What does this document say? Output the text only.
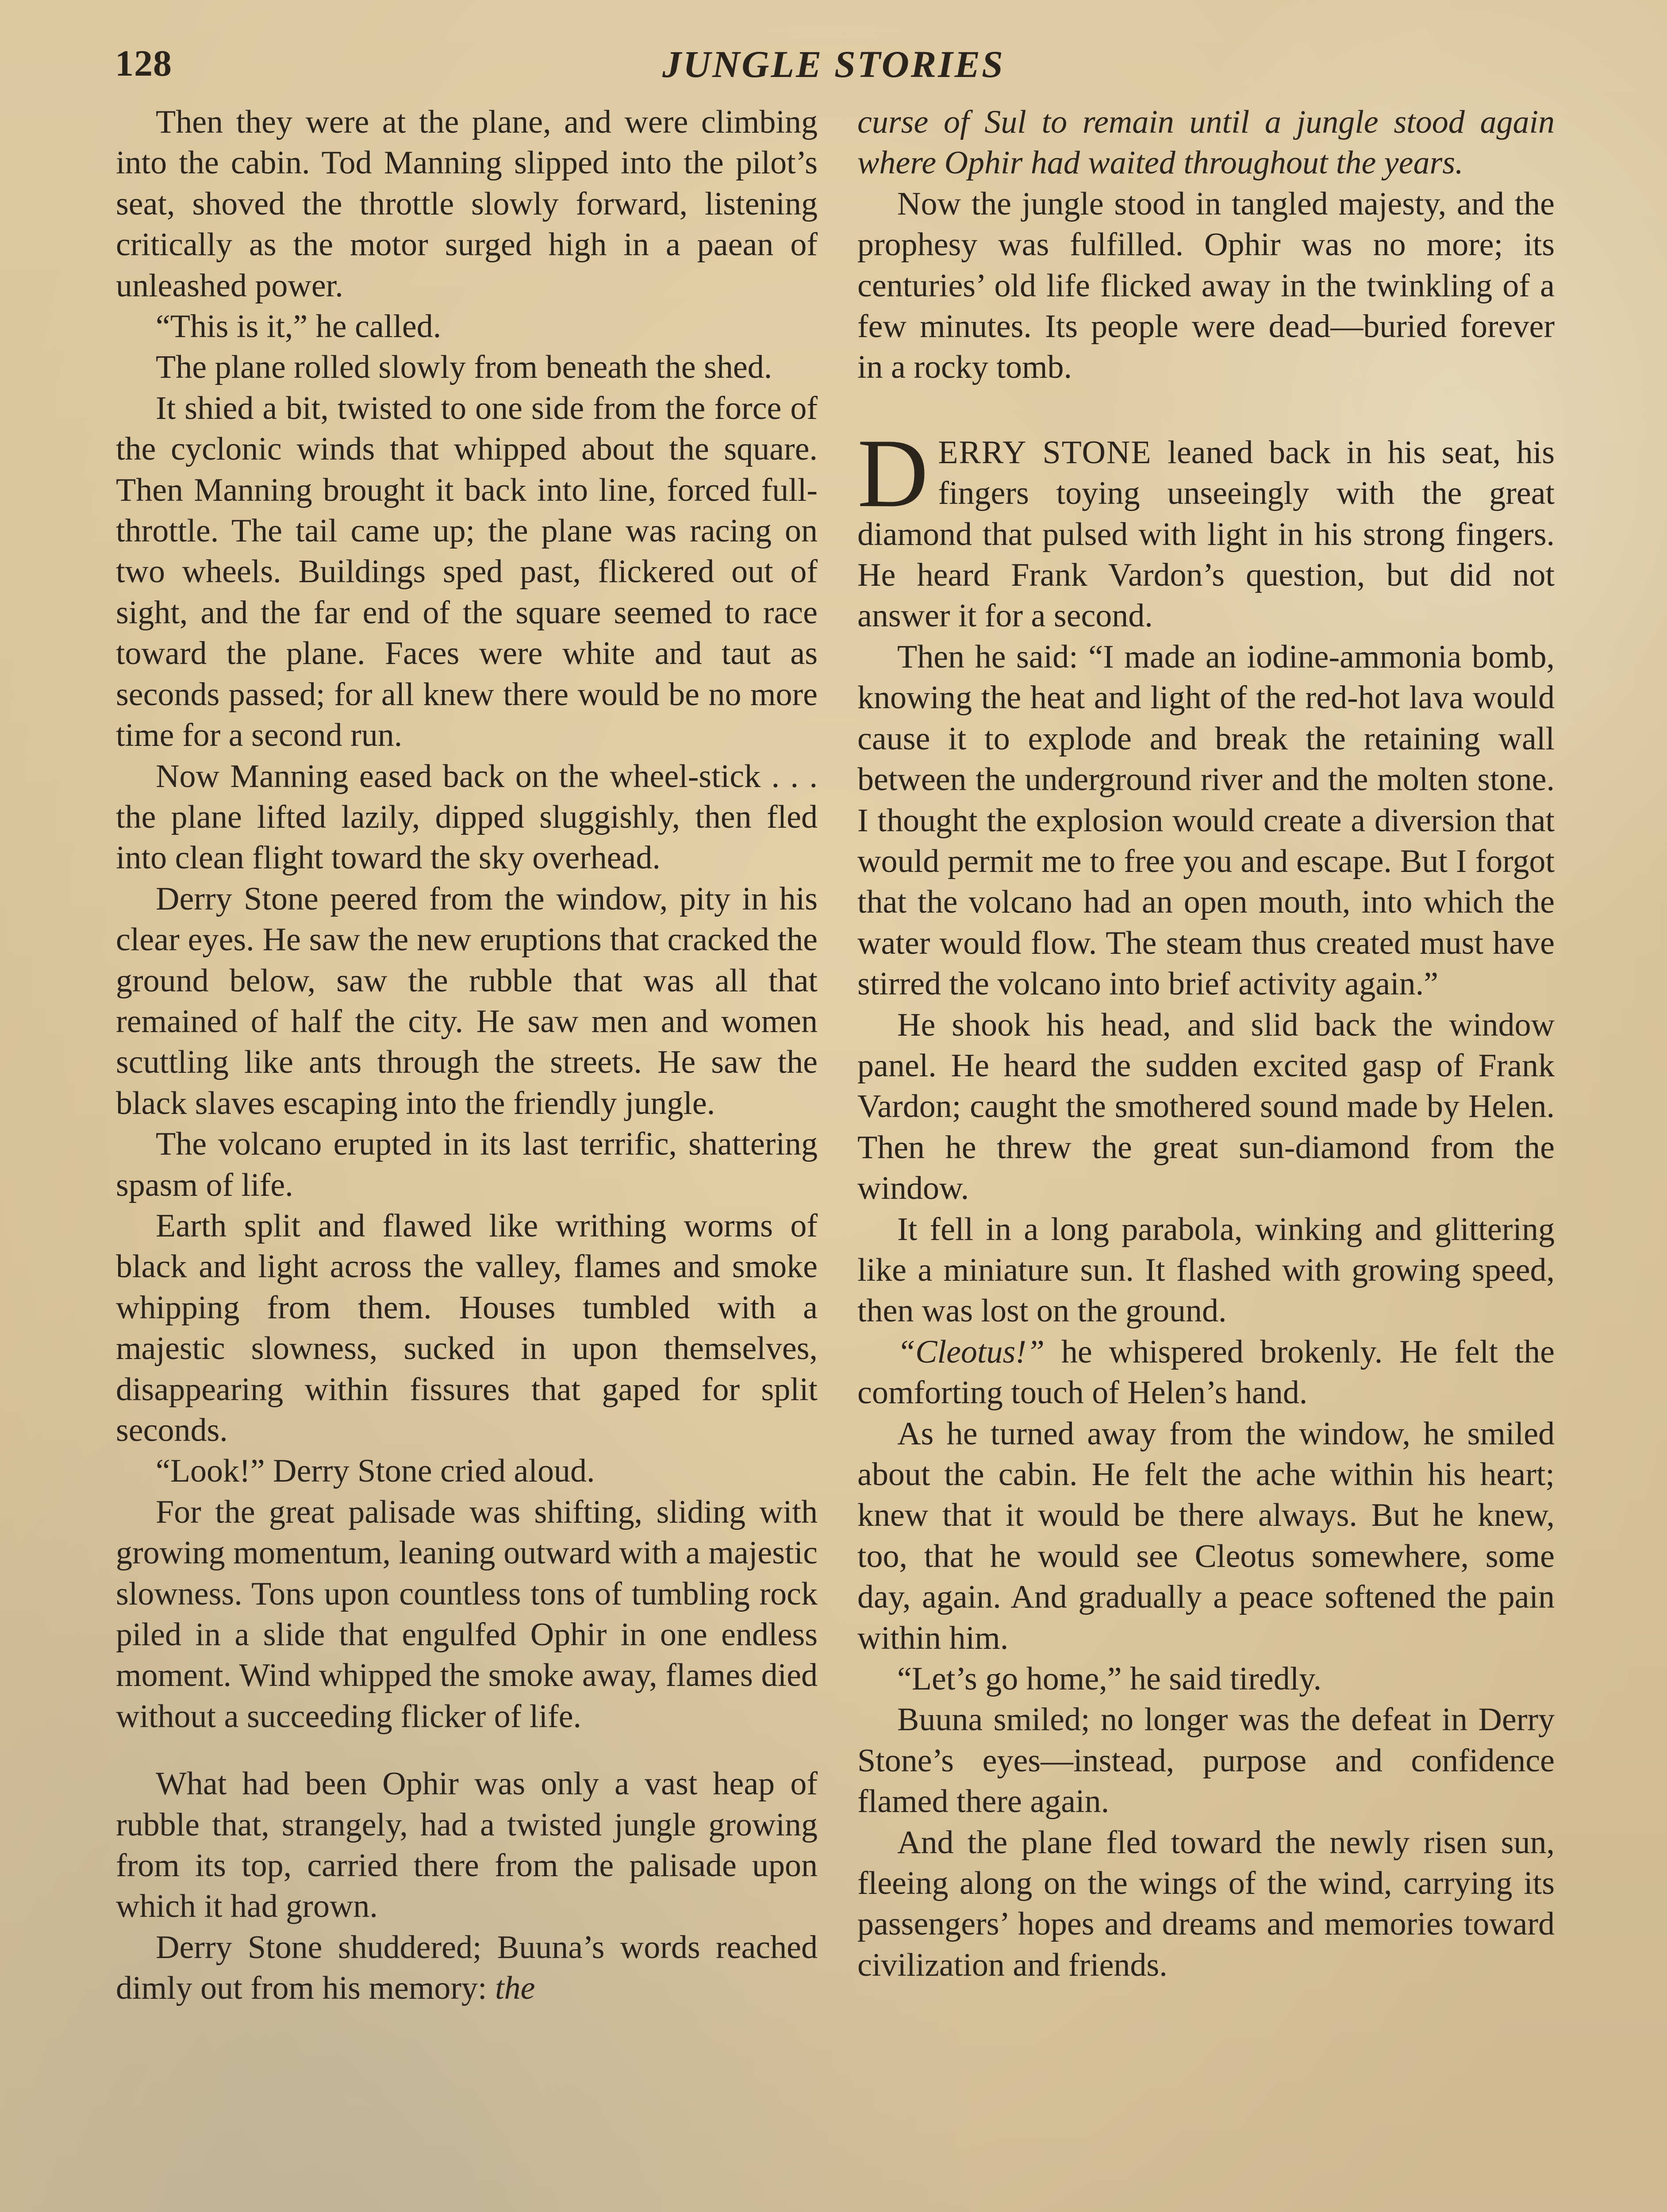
128	JUNGLE STORIES

Then they were at the plane, and were climbing into the cabin. Tod Manning slipped into the pilot’s seat, shoved the throttle slowly forward, listening critically as the motor surged high in a paean of unleashed power.

“This is it,” he called.

The plane rolled slowly from beneath the shed.

It shied a bit, twisted to one side from the force of the cyclonic winds that whipped about the square. Then Manning brought it back into line, forced full-throttle. The tail came up; the plane was racing on two wheels. Buildings sped past, flickered out of sight, and the far end of the square seemed to race toward the plane. Faces were white and taut as seconds passed; for all knew there would be no more time for a second run.

Now Manning eased back on the wheel-stick . . . the plane lifted lazily, dipped sluggishly, then fled into clean flight toward the sky overhead.

Derry Stone peered from the window, pity in his clear eyes. He saw the new eruptions that cracked the ground below, saw the rubble that was all that remained of half the city. He saw men and women scuttling like ants through the streets. He saw the black slaves escaping into the friendly jungle.

The volcano erupted in its last terrific, shattering spasm of life.

Earth split and flawed like writhing worms of black and light across the valley, flames and smoke whipping from them. Houses tumbled with a majestic slowness, sucked in upon themselves, disappearing within fissures that gaped for split seconds.

“Look!” Derry Stone cried aloud.

For the great palisade was shifting, sliding with growing momentum, leaning outward with a majestic slowness. Tons upon countless tons of tumbling rock piled in a slide that engulfed Ophir in one endless moment. Wind whipped the smoke away, flames died without a succeeding flicker of life.

What had been Ophir was only a vast heap of rubble that, strangely, had a twisted jungle growing from its top, carried there from the palisade upon which it had grown.

Derry Stone shuddered; Buuna’s words reached dimly out from his memory: the

curse of Sul to remain until a jungle stood again where Ophir had waited throughout the years.

Now the jungle stood in tangled majesty, and the prophesy was fulfilled. Ophir was no more; its centuries’ old life flicked away in the twinkling of a few minutes. Its people were dead—buried forever in a rocky tomb.

DERRY STONE leaned back in his seat, his fingers toying unseeingly with the great diamond that pulsed with light in his strong fingers. He heard Frank Vardon’s question, but did not answer it for a second.

Then he said: “I made an iodine-ammonia bomb, knowing the heat and light of the red-hot lava would cause it to explode and break the retaining wall between the underground river and the molten stone. I thought the explosion would create a diversion that would permit me to free you and escape. But I forgot that the volcano had an open mouth, into which the water would flow. The steam thus created must have stirred the volcano into brief activity again.”

He shook his head, and slid back the window panel. He heard the sudden excited gasp of Frank Vardon; caught the smothered sound made by Helen. Then he threw the great sun-diamond from the window.

It fell in a long parabola, winking and glittering like a miniature sun. It flashed with growing speed, then was lost on the ground.

“Cleotus!” he whispered brokenly. He felt the comforting touch of Helen’s hand.

As he turned away from the window, he smiled about the cabin. He felt the ache within his heart; knew that it would be there always. But he knew, too, that he would see Cleotus somewhere, some day, again. And gradually a peace softened the pain within him.

“Let’s go home,” he said tiredly.

Buuna smiled; no longer was the defeat in Derry Stone’s eyes—instead, purpose and confidence flamed there again.

And the plane fled toward the newly risen sun, fleeing along on the wings of the wind, carrying its passengers’ hopes and dreams and memories toward civilization and friends.
